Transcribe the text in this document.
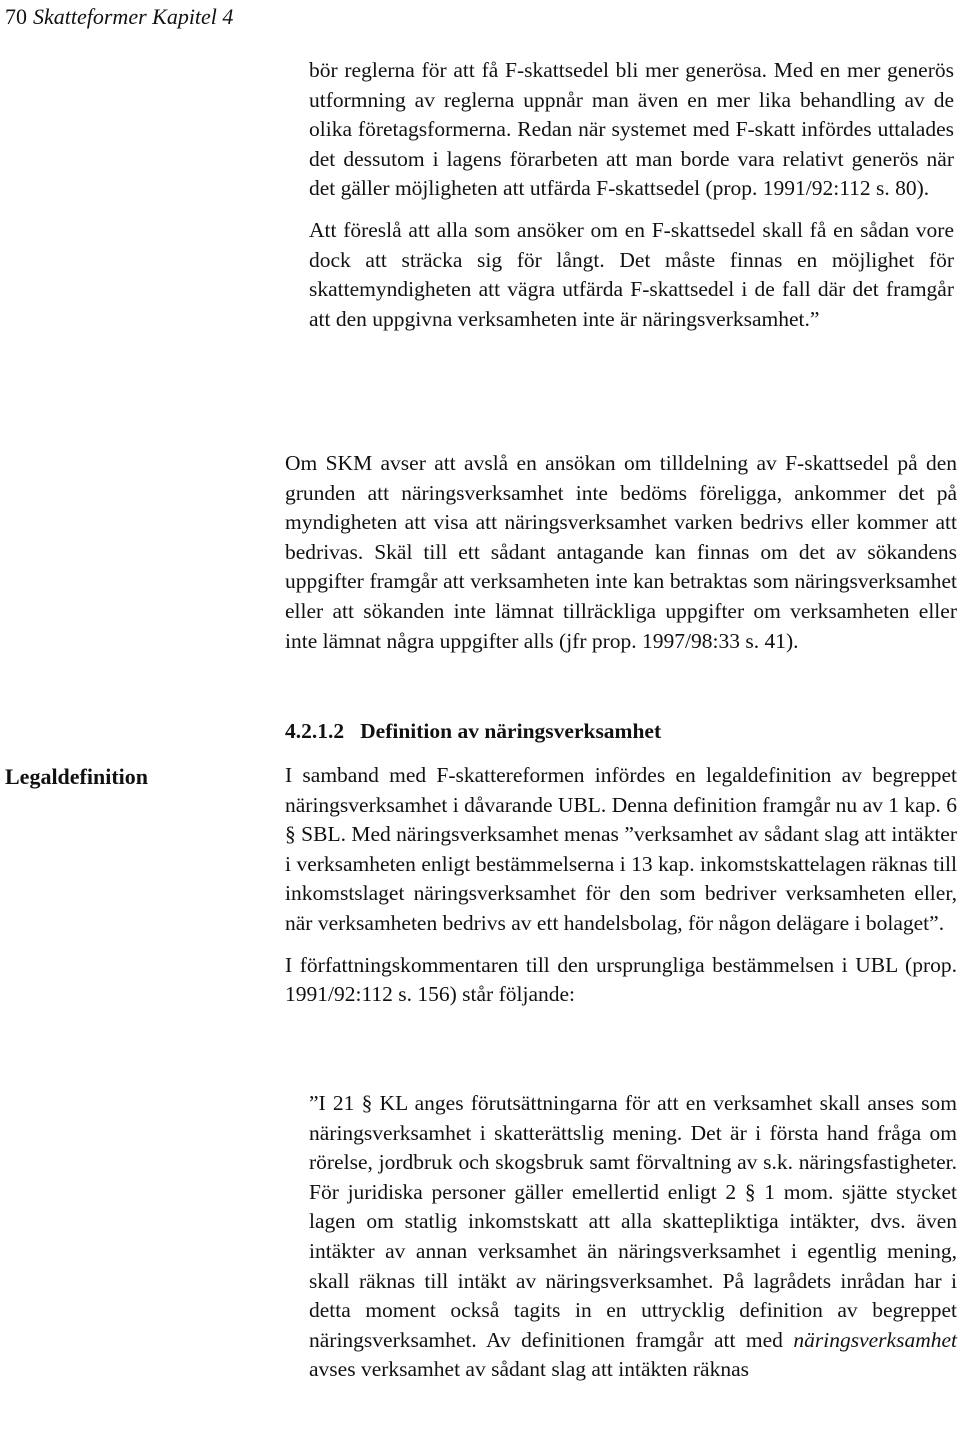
70 Skatteformer Kapitel 4

bör reglerna för att få F-skattsedel bli mer generösa. Med en mer generös utformning av reglerna uppnår man även en mer lika behandling av de olika företagsformerna. Redan när systemet med F-skatt infördes uttalades det dessutom i lagens förarbeten att man borde vara relativt generös när det gäller möjligheten att utfärda F-skattsedel (prop. 1991/92:112 s. 80).

Att föreslå att alla som ansöker om en F-skattsedel skall få en sådan vore dock att sträcka sig för långt. Det måste finnas en möjlighet för skattemyndigheten att vägra utfärda F-skattsedel i de fall där det framgår att den uppgivna verksamheten inte är näringsverksamhet.”

Om SKM avser att avslå en ansökan om tilldelning av F-skattsedel på den grunden att näringsverksamhet inte bedöms föreligga, ankommer det på myndigheten att visa att näringsverksamhet varken bedrivs eller kommer att bedrivas. Skäl till ett sådant antagande kan finnas om det av sökandens uppgifter framgår att verksamheten inte kan betraktas som näringsverksamhet eller att sökanden inte lämnat tillräckliga uppgifter om verksamheten eller inte lämnat några uppgifter alls (jfr prop. 1997/98:33 s. 41).

4.2.1.2 Definition av näringsverksamhet
Legaldefinition	I samband med F-skattereformen infördes en legaldefinition av begreppet näringsverksamhet i dåvarande UBL. Denna definition framgår nu av 1 kap. 6 § SBL. Med näringsverksamhet menas ”verksamhet av sådant slag att intäkter i verksamheten enligt bestämmelserna i 13 kap. inkomstskattelagen räknas till inkomstslaget näringsverksamhet för den som bedriver verksamheten eller, när verksamheten bedrivs av ett handelsbolag, för någon delägare i bolaget”.

I författningskommentaren till den ursprungliga bestämmelsen i UBL (prop. 1991/92:112 s. 156) står följande:

”I 21 § KL anges förutsättningarna för att en verksamhet skall anses som näringsverksamhet i skatterättslig mening. Det är i första hand fråga om rörelse, jordbruk och skogsbruk samt förvaltning av s.k. näringsfastigheter. För juridiska personer gäller emellertid enligt 2 § 1 mom. sjätte stycket lagen om statlig inkomstskatt att alla skattepliktiga intäkter, dvs. även intäkter av annan verksamhet än näringsverksamhet i egentlig mening, skall räknas till intäkt av näringsverksamhet. På lagrådets inrådan har i detta moment också tagits in en uttrycklig definition av begreppet näringsverksamhet. Av definitionen framgår att med näringsverksamhet avses verksamhet av sådant slag att intäkten räknas
